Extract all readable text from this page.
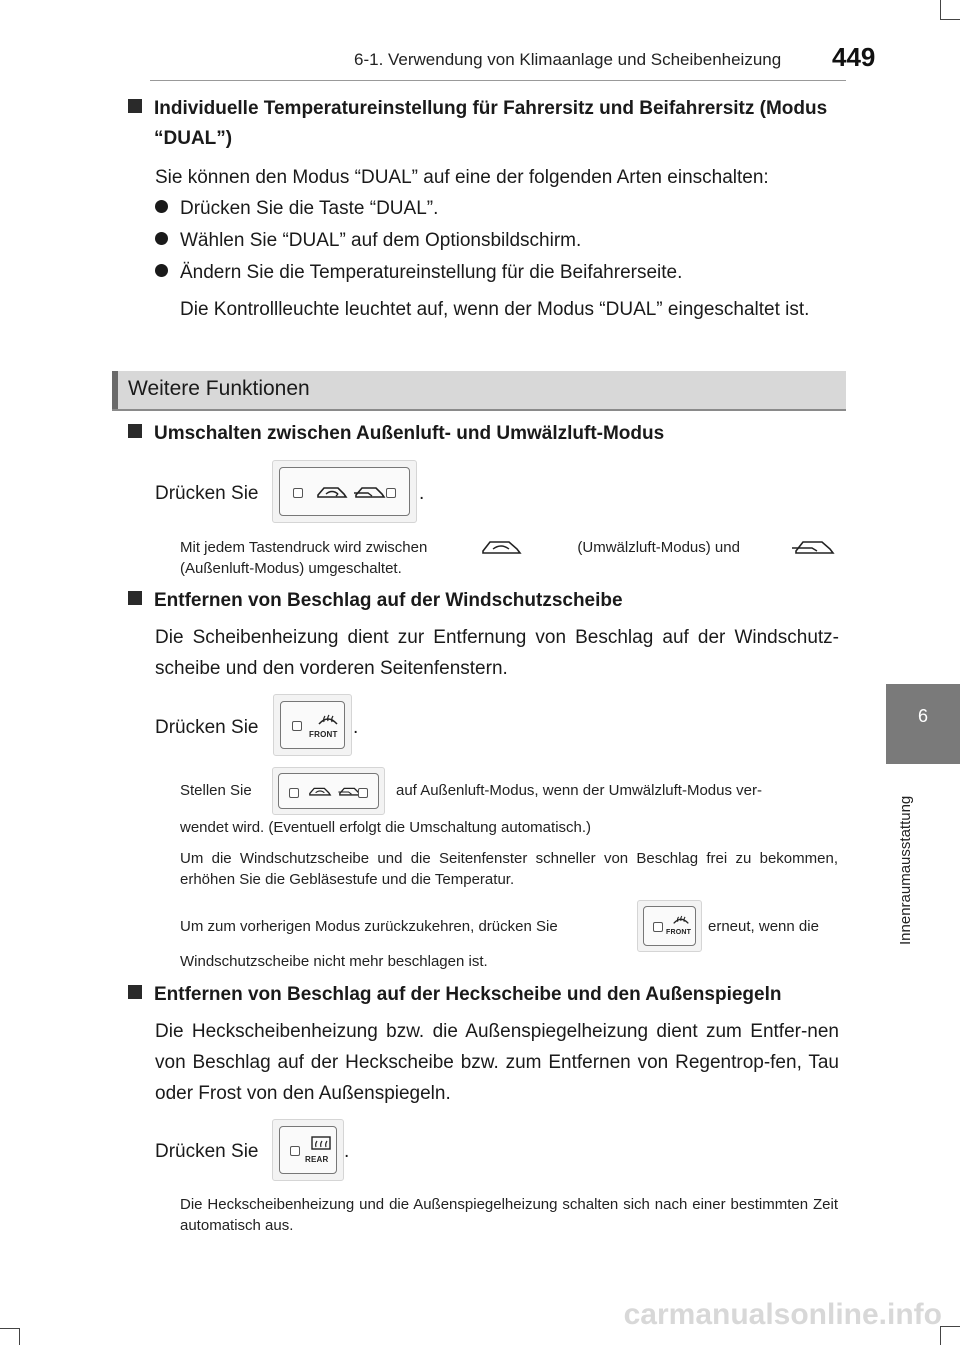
6-1. Verwendung von Klimaanlage und Scheibenheizung 449
6
Innenraumausstattung
Individuelle Temperatureinstellung für Fahrersitz und Beifahrersitz (Modus
“DUAL”)
Sie können den Modus “DUAL” auf eine der folgenden Arten einschalten:
Drücken Sie die Taste “DUAL”.
Wählen Sie “DUAL” auf dem Optionsbildschirm.
Ändern Sie die Temperatureinstellung für die Beifahrerseite.
Die Kontrollleuchte leuchtet auf, wenn der Modus “DUAL” eingeschaltet ist.
Weitere Funktionen
Umschalten zwischen Außenluft- und Umwälzluft-Modus
Drücken Sie	.
Mit jedem Tastendruck wird zwischen	(Umwälzluft-Modus) und
(Außenluft-Modus) umgeschaltet.
Entfernen von Beschlag auf der Windschutzscheibe
Die Scheibenheizung dient zur Entfernung von Beschlag auf der Windschutz-scheibe und den vorderen Seitenfenstern.
Drücken Sie	FRONT .
Stellen Sie	auf Außenluft-Modus, wenn der Umwälzluft-Modus ver-
wendet wird. (Eventuell erfolgt die Umschaltung automatisch.)
Um die Windschutzscheibe und die Seitenfenster schneller von Beschlag frei zu bekommen, erhöhen Sie die Gebläsestufe und die Temperatur.
Um zum vorherigen Modus zurückzukehren, drücken Sie	FRONT erneut, wenn die
Windschutzscheibe nicht mehr beschlagen ist.
Entfernen von Beschlag auf der Heckscheibe und den Außenspiegeln
Die Heckscheibenheizung bzw. die Außenspiegelheizung dient zum Entfer-nen von Beschlag auf der Heckscheibe bzw. zum Entfernen von Regentrop-fen, Tau oder Frost von den Außenspiegeln.
Drücken Sie	REAR .
Die Heckscheibenheizung und die Außenspiegelheizung schalten sich nach einer bestimmten Zeit automatisch aus.
carmanualsonline.info
